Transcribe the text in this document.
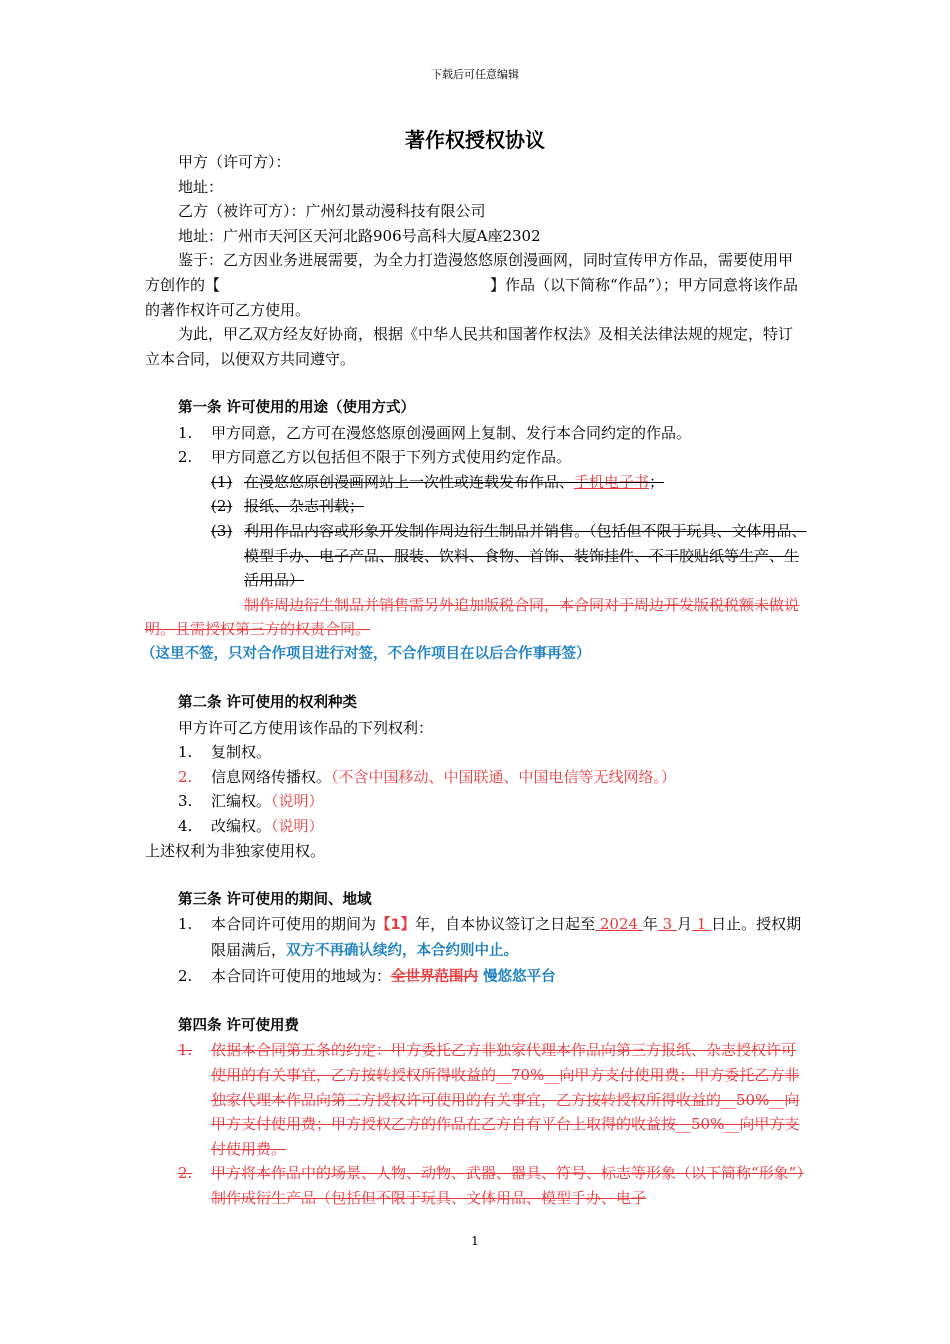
下载后可任意编辑
著作权授权协议

甲方（许可方）：

地址：

乙方（被许可方）：广州幻景动漫科技有限公司

地址：广州市天河区天河北路906号高科大厦A座2302

鉴于：乙方因业务进展需要，为全力打造漫悠悠原创漫画网，同时宣传甲方作品，需要使用甲方创作的【	】作品（以下简称“作品”）；甲方同意将该作品的著作权许可乙方使用。

为此，甲乙双方经友好协商，根据《中华人民共和国著作权法》及相关法律法规的规定，特订立本合同，以便双方共同遵守。

第一条 许可使用的用途（使用方式）

1.	甲方同意，乙方可在漫悠悠原创漫画网上复制、发行本合同约定的作品。
2.	甲方同意乙方以包括但不限于下列方式使用约定作品。
(1) 在漫悠悠原创漫画网站上一次性或连载发布作品、手机电子书；
(2) 报纸、杂志刊载；
(3) 利用作品内容或形象开发制作周边衍生制品并销售。（包括但不限于玩具、文体用品、模型手办、电子产品、服装、饮料、食物、首饰、装饰挂件、不干胶贴纸等生产、生活用品）

制作周边衍生制品并销售需另外追加版税合同，本合同对于周边开发版税税额未做说明。且需授权第三方的权责合同。

（这里不签，只对合作项目进行对签，不合作项目在以后合作事再签）

第二条 许可使用的权利种类

甲方许可乙方使用该作品的下列权利：

1.	复制权。
2.	信息网络传播权。（不含中国移动、中国联通、中国电信等无线网络。）
3.	汇编权。（说明）
4.	改编权。（说明）

上述权利为非独家使用权。

第三条 许可使用的期间、地域

1.	本合同许可使用的期间为【1】年，自本协议签订之日起至 2024 年 3 月 1 日止。授权期限届满后，双方不再确认续约，本合约则中止。
2.	本合同许可使用的地域为：全世界范围内 慢悠悠平台

第四条 许可使用费

1.	依据本合同第五条的约定：甲方委托乙方非独家代理本作品向第三方报纸、杂志授权许可使用的有关事宜，乙方按转授权所得收益的__70%__向甲方支付使用费；甲方委托乙方非独家代理本作品向第三方授权许可使用的有关事宜，乙方按转授权所得收益的__50%__向甲方支付使用费；甲方授权乙方的作品在乙方自有平台上取得的收益按__50%__向甲方支付使用费。
2.	甲方将本作品中的场景、人物、动物、武器、器具、符号、标志等形象（以下简称“形象”）制作成衍生产品（包括但不限于玩具、文体用品、模型手办、电子
1
